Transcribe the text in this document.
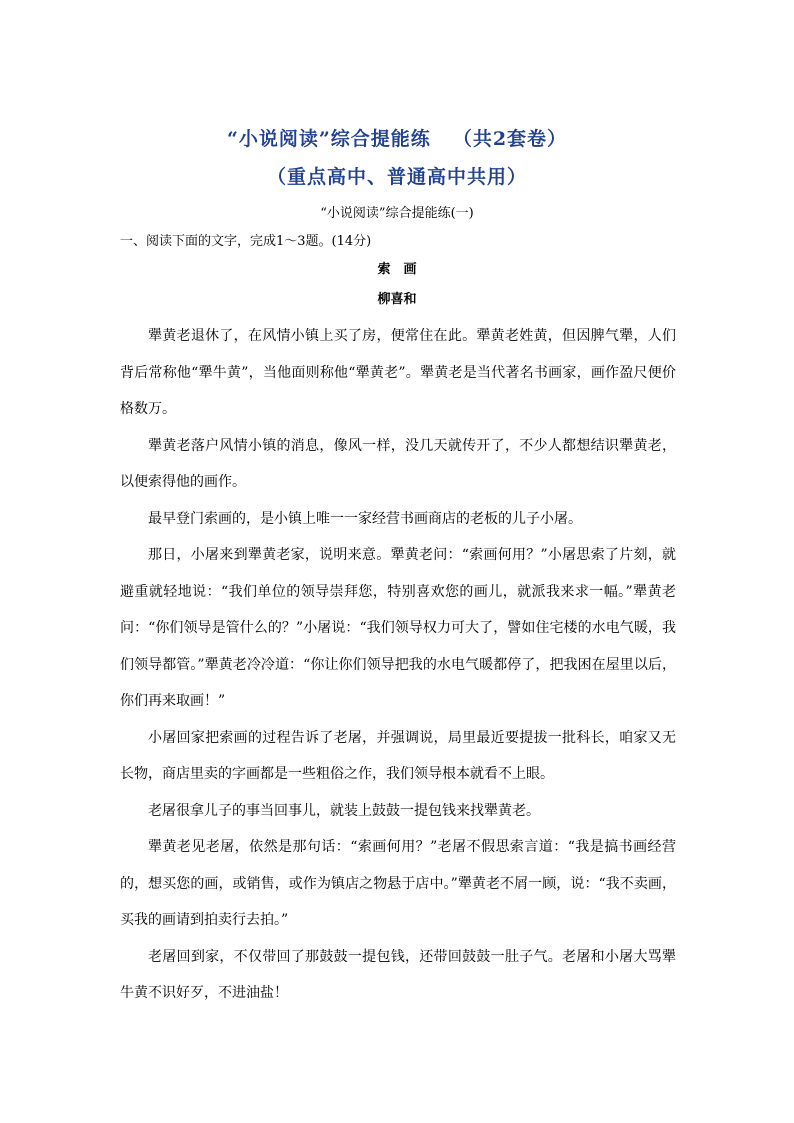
“小说阅读”综合提能练 （共2套卷）
（重点高中、普通高中共用）
“小说阅读”综合提能练(一)
一、阅读下面的文字，完成1～3题。(14分)
索　画
柳喜和

犟黄老退休了，在风情小镇上买了房，便常住在此。犟黄老姓黄，但因脾气犟，人们背后常称他“犟牛黄”，当他面则称他“犟黄老”。犟黄老是当代著名书画家，画作盈尺便价格数万。

犟黄老落户风情小镇的消息，像风一样，没几天就传开了，不少人都想结识犟黄老，以便索得他的画作。

最早登门索画的，是小镇上唯一一家经营书画商店的老板的儿子小屠。

那日，小屠来到犟黄老家，说明来意。犟黄老问：“索画何用？”小屠思索了片刻，就避重就轻地说：“我们单位的领导崇拜您，特别喜欢您的画儿，就派我来求一幅。”犟黄老问：“你们领导是管什么的？”小屠说：“我们领导权力可大了，譬如住宅楼的水电气暖，我们领导都管。”犟黄老冷冷道：“你让你们领导把我的水电气暖都停了，把我困在屋里以后，你们再来取画！”

小屠回家把索画的过程告诉了老屠，并强调说，局里最近要提拔一批科长，咱家又无长物，商店里卖的字画都是一些粗俗之作，我们领导根本就看不上眼。

老屠很拿儿子的事当回事儿，就装上鼓鼓一提包钱来找犟黄老。

犟黄老见老屠，依然是那句话：“索画何用？”老屠不假思索言道：“我是搞书画经营的，想买您的画，或销售，或作为镇店之物悬于店中。”犟黄老不屑一顾，说：“我不卖画，买我的画请到拍卖行去拍。”

老屠回到家，不仅带回了那鼓鼓一提包钱，还带回鼓鼓一肚子气。老屠和小屠大骂犟牛黄不识好歹，不进油盐！
